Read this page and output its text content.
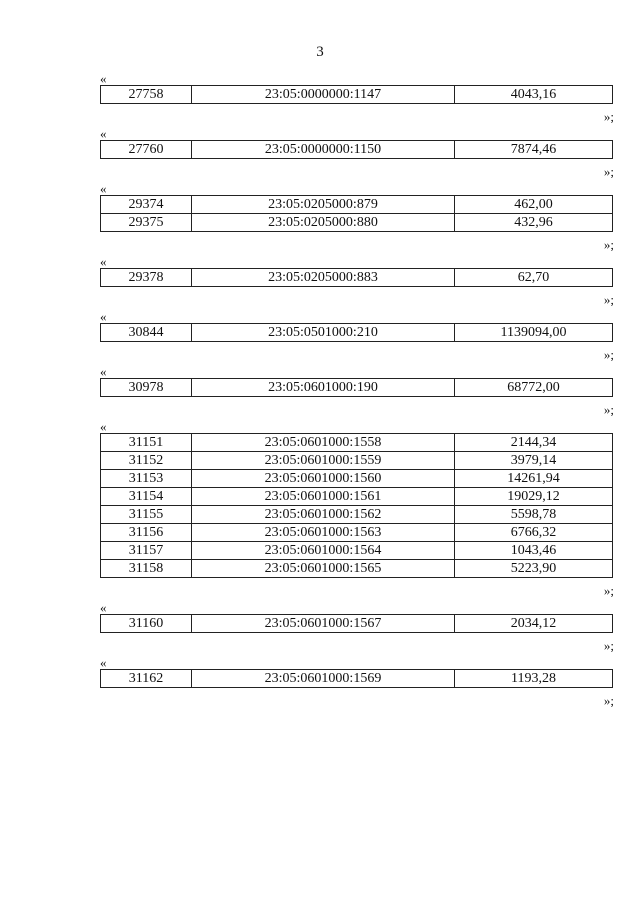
3
«
27758	23:05:0000000:1147	4043,16
»;
«
27760	23:05:0000000:1150	7874,46
»;
«
29374	23:05:0205000:879	462,00
29375	23:05:0205000:880	432,96
»;
«
29378	23:05:0205000:883	62,70
»;
«
30844	23:05:0501000:210	1139094,00
»;
«
30978	23:05:0601000:190	68772,00
»;
«
31151	23:05:0601000:1558	2144,34
31152	23:05:0601000:1559	3979,14
31153	23:05:0601000:1560	14261,94
31154	23:05:0601000:1561	19029,12
31155	23:05:0601000:1562	5598,78
31156	23:05:0601000:1563	6766,32
31157	23:05:0601000:1564	1043,46
31158	23:05:0601000:1565	5223,90
»;
«
31160	23:05:0601000:1567	2034,12
»;
«
31162	23:05:0601000:1569	1193,28
»;
